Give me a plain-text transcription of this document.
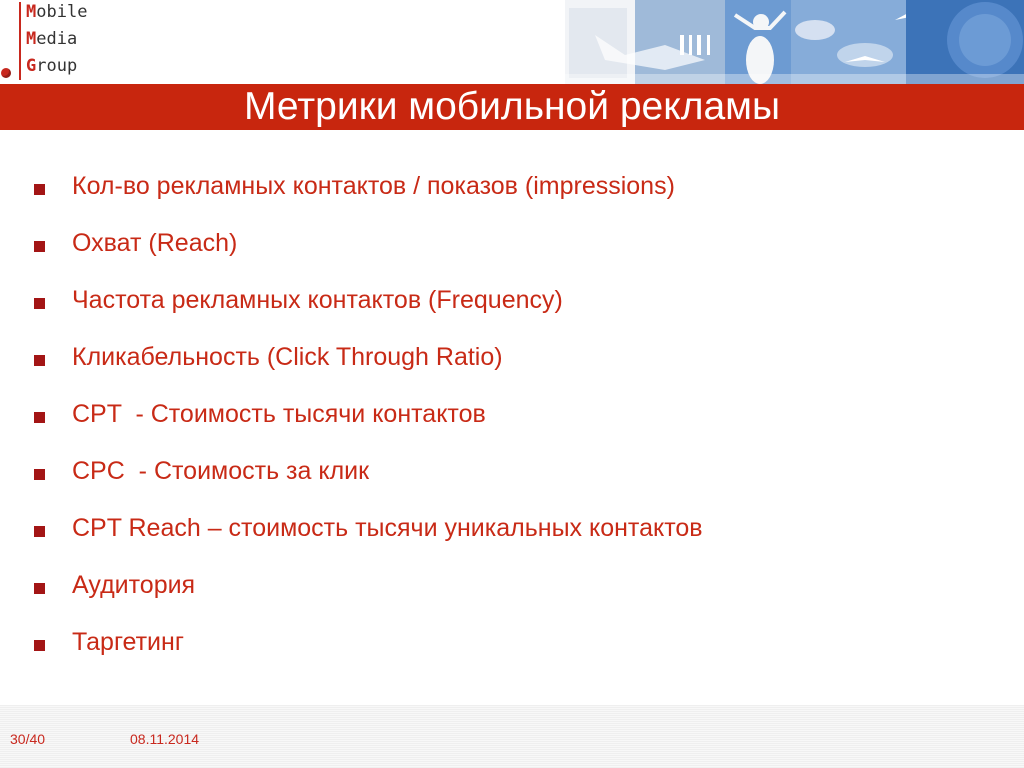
Mobile
Media
Group
Метрики мобильной рекламы
Кол-во рекламных контактов / показов (impressions)
Охват (Reach)
Частота рекламных контактов (Frequency)
Кликабельность (Click Through Ratio)
CPT  - Стоимость тысячи контактов
CPC  - Стоимость за клик
CPT Reach – стоимость тысячи уникальных контактов
Аудитория
Таргетинг
30/40	08.11.2014
